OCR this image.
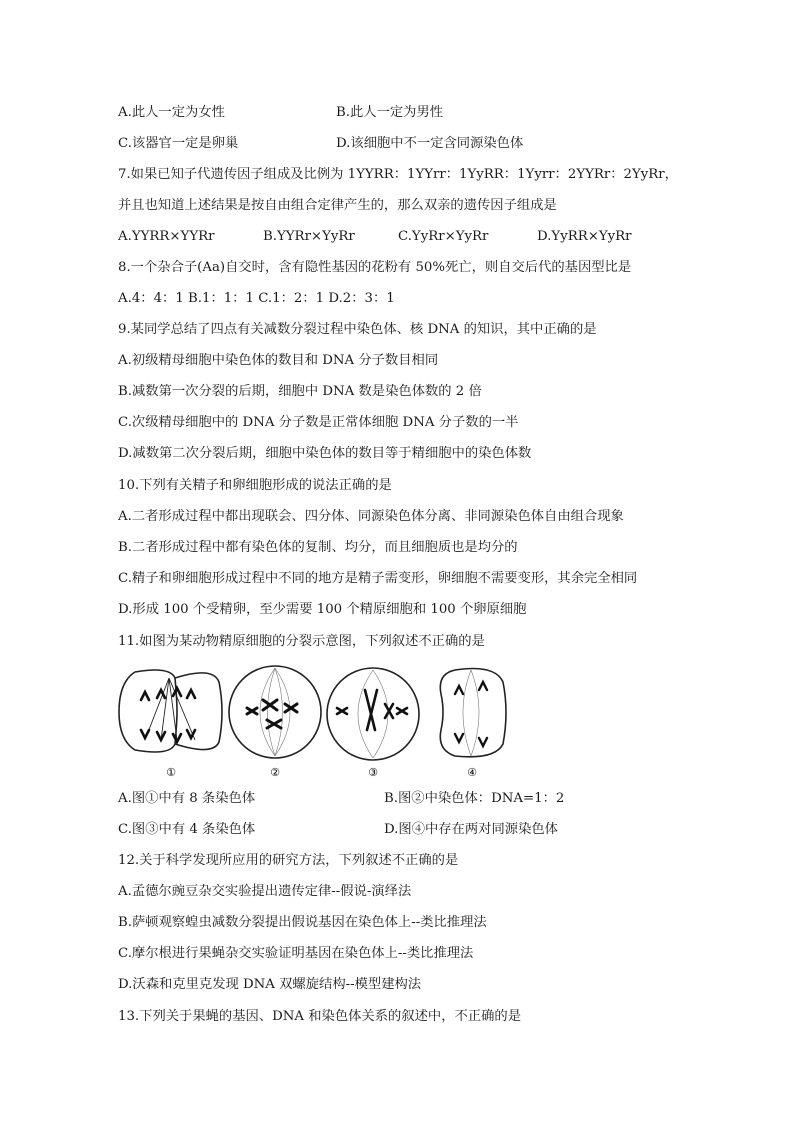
A.此人一定为女性	B.此人一定为男性
C.该器官一定是卵巢	D.该细胞中不一定含同源染色体
7.如果已知子代遗传因子组成及比例为 1YYRR：1YYrr：1YyRR：1Yyrr：2YYRr：2YyRr，
并且也知道上述结果是按自由组合定律产生的，那么双亲的遗传因子组成是
A.YYRR×YYRr	B.YYRr×YyRr	C.YyRr×YyRr	D.YyRR×YyRr
8.一个杂合子(Aa)自交时，含有隐性基因的花粉有 50%死亡，则自交后代的基因型比是
A.4：4：1 B.1：1：1 C.1：2：1 D.2：3：1
9.某同学总结了四点有关减数分裂过程中染色体、核 DNA 的知识，其中正确的是
A.初级精母细胞中染色体的数目和 DNA 分子数目相同
B.减数第一次分裂的后期，细胞中 DNA 数是染色体数的 2 倍
C.次级精母细胞中的 DNA 分子数是正常体细胞 DNA 分子数的一半
D.减数第二次分裂后期，细胞中染色体的数目等于精细胞中的染色体数
10.下列有关精子和卵细胞形成的说法正确的是
A.二者形成过程中都出现联会、四分体、同源染色体分离、非同源染色体自由组合现象
B.二者形成过程中都有染色体的复制、均分，而且细胞质也是均分的
C.精子和卵细胞形成过程中不同的地方是精子需变形，卵细胞不需要变形，其余完全相同
D.形成 100 个受精卵，至少需要 100 个精原细胞和 100 个卵原细胞
11.如图为某动物精原细胞的分裂示意图，下列叙述不正确的是
①	②	③	④
A.图①中有 8 条染色体	B.图②中染色体：DNA=1：2
C.图③中有 4 条染色体	D.图④中存在两对同源染色体
12.关于科学发现所应用的研究方法，下列叙述不正确的是
A.孟德尔豌豆杂交实验提出遗传定律--假说-演绎法
B.萨顿观察蝗虫减数分裂提出假说基因在染色体上--类比推理法
C.摩尔根进行果蝇杂交实验证明基因在染色体上--类比推理法
D.沃森和克里克发现 DNA 双螺旋结构--模型建构法
13.下列关于果蝇的基因、DNA 和染色体关系的叙述中，不正确的是
